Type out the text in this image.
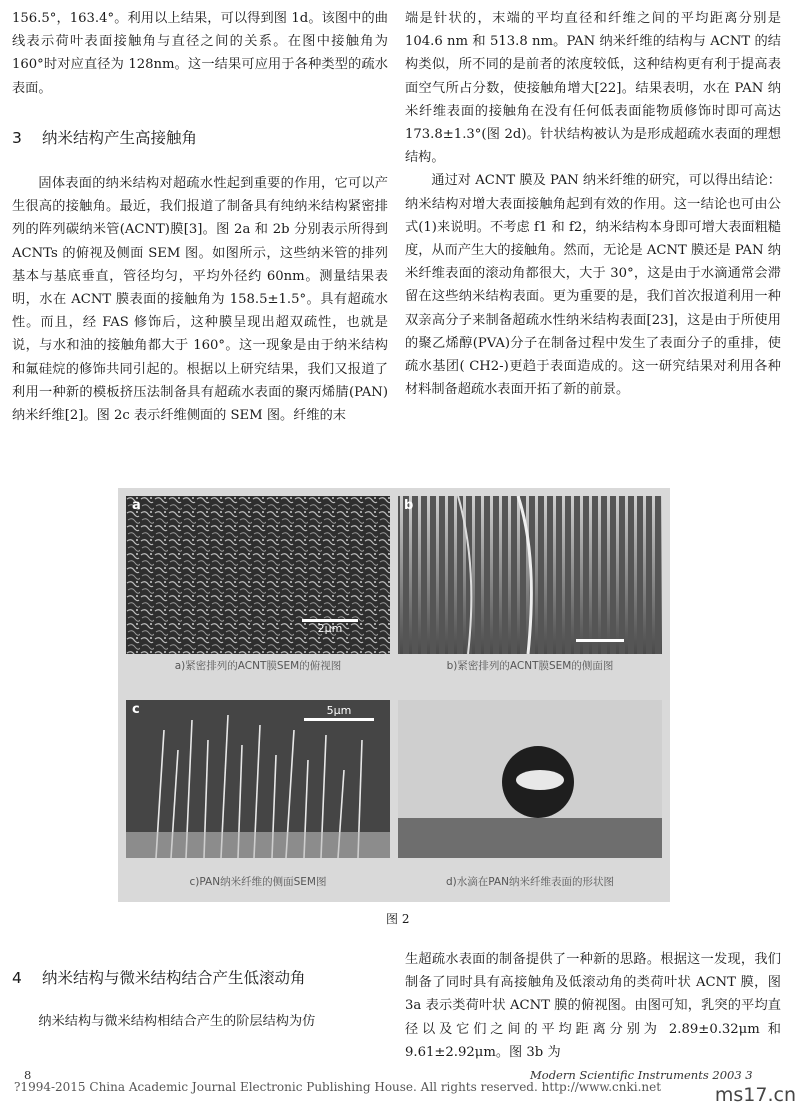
156.5°，163.4°。利用以上结果，可以得到图 1d。该图中的曲线表示荷叶表面接触角与直径之间的关系。在图中接触角为 160°时对应直径为 128nm。这一结果可应用于各种类型的疏水表面。

3 纳米结构产生高接触角

固体表面的纳米结构对超疏水性起到重要的作用，它可以产生很高的接触角。最近，我们报道了制备具有纯纳米结构紧密排列的阵列碳纳米管(ACNT)膜[3]。图 2a 和 2b 分别表示所得到 ACNTs 的俯视及侧面 SEM 图。如图所示，这些纳米管的排列基本与基底垂直，管径均匀，平均外径约 60nm。测量结果表明，水在 ACNT 膜表面的接触角为 158.5±1.5°。具有超疏水性。而且，经 FAS 修饰后，这种膜呈现出超双疏性，也就是说，与水和油的接触角都大于 160°。这一现象是由于纳米结构和氟硅烷的修饰共同引起的。根据以上研究结果，我们又报道了利用一种新的模板挤压法制备具有超疏水表面的聚丙烯腈(PAN)纳米纤维[2]。图 2c 表示纤维侧面的 SEM 图。纤维的末

端是针状的，末端的平均直径和纤维之间的平均距离分别是 104.6 nm 和 513.8 nm。PAN 纳米纤维的结构与 ACNT 的结构类似，所不同的是前者的浓度较低，这种结构更有利于提高表面空气所占分数，使接触角增大[22]。结果表明，水在 PAN 纳米纤维表面的接触角在没有任何低表面能物质修饰时即可高达 173.8±1.3°(图 2d)。针状结构被认为是形成超疏水表面的理想结构。

通过对 ACNT 膜及 PAN 纳米纤维的研究，可以得出结论：纳米结构对增大表面接触角起到有效的作用。这一结论也可由公式(1)来说明。不考虑 f1 和 f2，纳米结构本身即可增大表面粗糙度，从而产生大的接触角。然而，无论是 ACNT 膜还是 PAN 纳米纤维表面的滚动角都很大，大于 30°，这是由于水滴通常会滞留在这些纳米结构表面。更为重要的是，我们首次报道利用一种双亲高分子来制备超疏水性纳米结构表面[23]，这是由于所使用的聚乙烯醇(PVA)分子在制备过程中发生了表面分子的重排，使疏水基团( CH2-)更趋于表面造成的。这一研究结果对利用各种材料制备超疏水表面开拓了新的前景。

a
2μm
a)紧密排列的ACNT膜SEM的俯视图
b
b)紧密排列的ACNT膜SEM的侧面图
c	5μm
c)PAN纳米纤维的侧面SEM图	d)水滴在PAN纳米纤维表面的形状图
图 2
4 纳米结构与微米结构结合产生低滚动角

纳米结构与微米结构相结合产生的阶层结构为仿

生超疏水表面的制备提供了一种新的思路。根据这一发现，我们制备了同时具有高接触角及低滚动角的类荷叶状 ACNT 膜，图 3a 表示类荷叶状 ACNT 膜的俯视图。由图可知，乳突的平均直径以及它们之间的平均距离分别为 2.89±0.32μm 和 9.61±2.92μm。图 3b 为

8	Modern Scientific Instruments 2003 3
?1994-2015 China Academic Journal Electronic Publishing House. All rights reserved. http://www.cnki.net	ms17.cn
